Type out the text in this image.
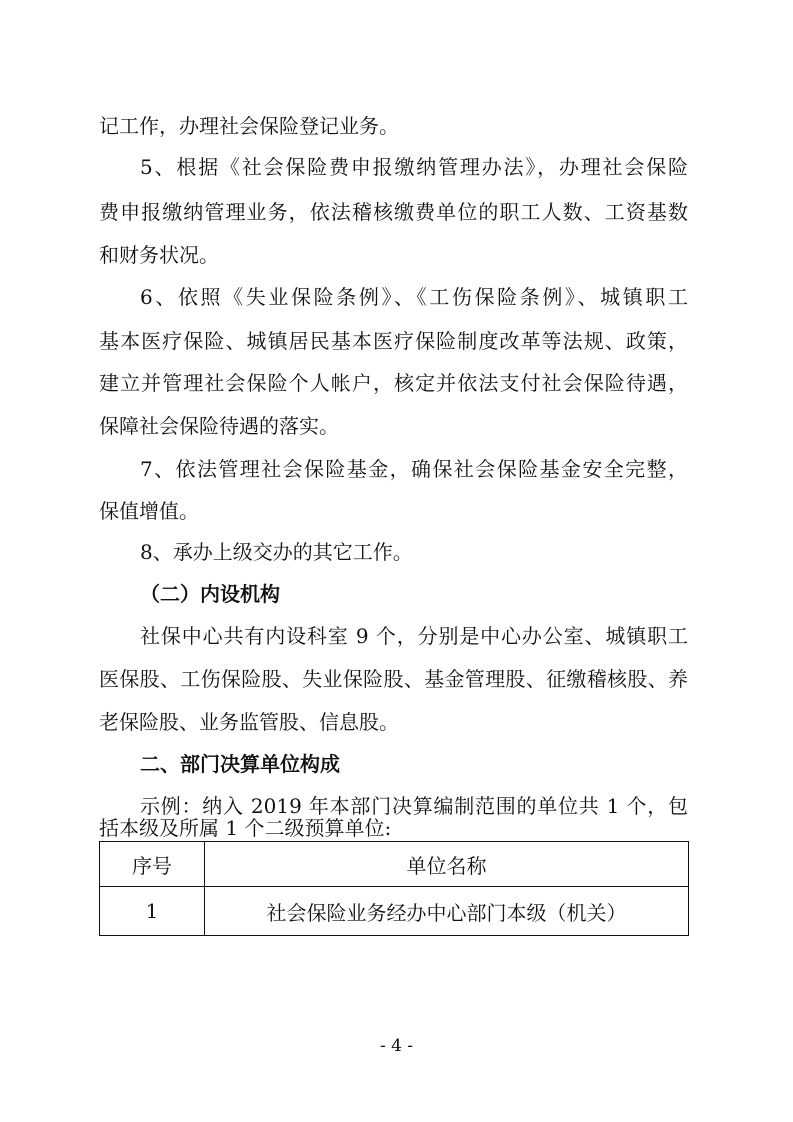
记工作，办理社会保险登记业务。
5、根据《社会保险费申报缴纳管理办法》，办理社会保险
费申报缴纳管理业务，依法稽核缴费单位的职工人数、工资基数
和财务状况。
6、依照《失业保险条例》、《工伤保险条例》、城镇职工
基本医疗保险、城镇居民基本医疗保险制度改革等法规、政策，
建立并管理社会保险个人帐户，核定并依法支付社会保险待遇，
保障社会保险待遇的落实。
7、依法管理社会保险基金，确保社会保险基金安全完整，
保值增值。
8、承办上级交办的其它工作。
（二）内设机构
社保中心共有内设科室 9 个，分别是中心办公室、城镇职工
医保股、工伤保险股、失业保险股、基金管理股、征缴稽核股、养
老保险股、业务监管股、信息股。
二、部门决算单位构成
示例：纳入 2019 年本部门决算编制范围的单位共 1 个，包
括本级及所属 1 个二级预算单位:
序号	单位名称
1	社会保险业务经办中心部门本级（机关）
- 4 -
